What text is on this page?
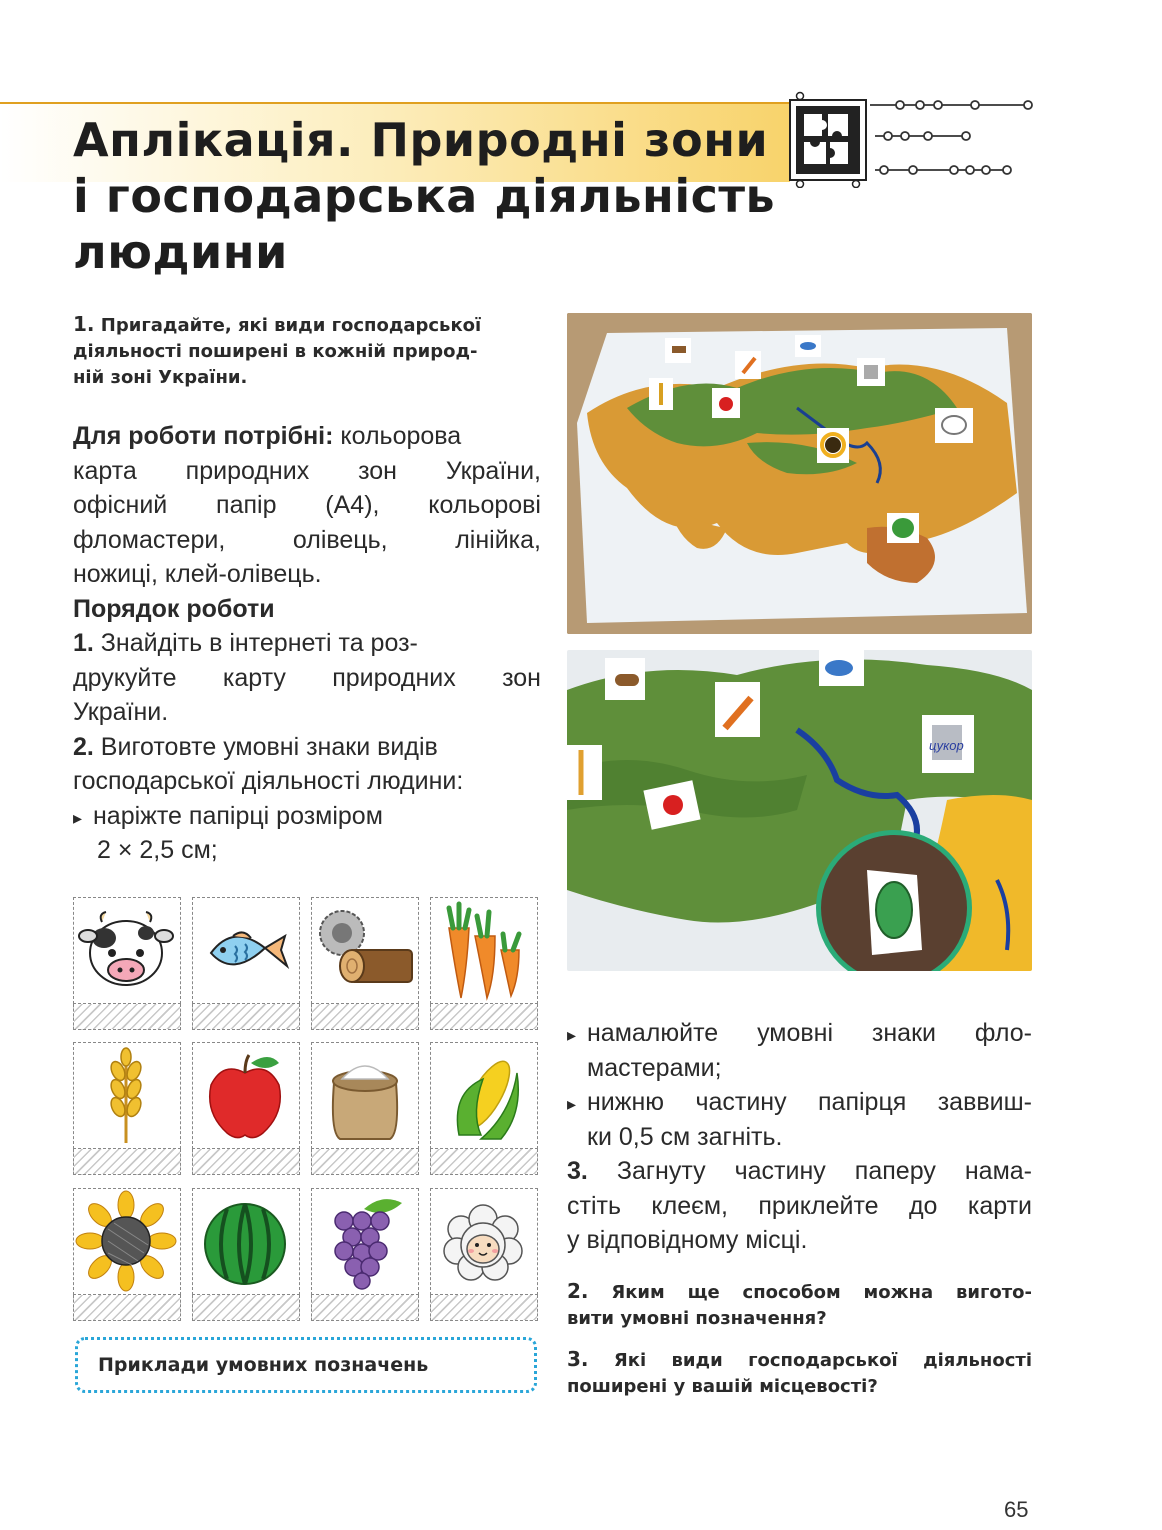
Аплікація. Природні зони
і господарська діяльність
людини
1. Пригадайте, які види господарської
діяльності поширені в кожній природ-
ній зоні України.
Для роботи потрібні: кольорова
карта природних зон України,
офісний папір (А4), кольорові
фломастери, олівець, лінійка,
ножиці, клей-олівець.
Порядок роботи
1. Знайдіть в інтернеті та роз-
друкуйте карту природних зон
України.
2. Виготовте умовні знаки видів
господарської діяльності людини:
▸ наріжте папірці розміром
2 × 2,5 см;
цукор
▸ намалюйте умовні знаки фло-
мастерами;
▸ нижню частину папірця заввиш-
ки 0,5 см загніть.
3. Загнуту частину паперу нама-
стіть клеєм, приклейте до карти
у відповідному місці.
2. Яким ще способом можна вигото-
вити умовні позначення?
3. Які види господарської діяльності
поширені у вашій місцевості?
Приклади умовних позначень
65
